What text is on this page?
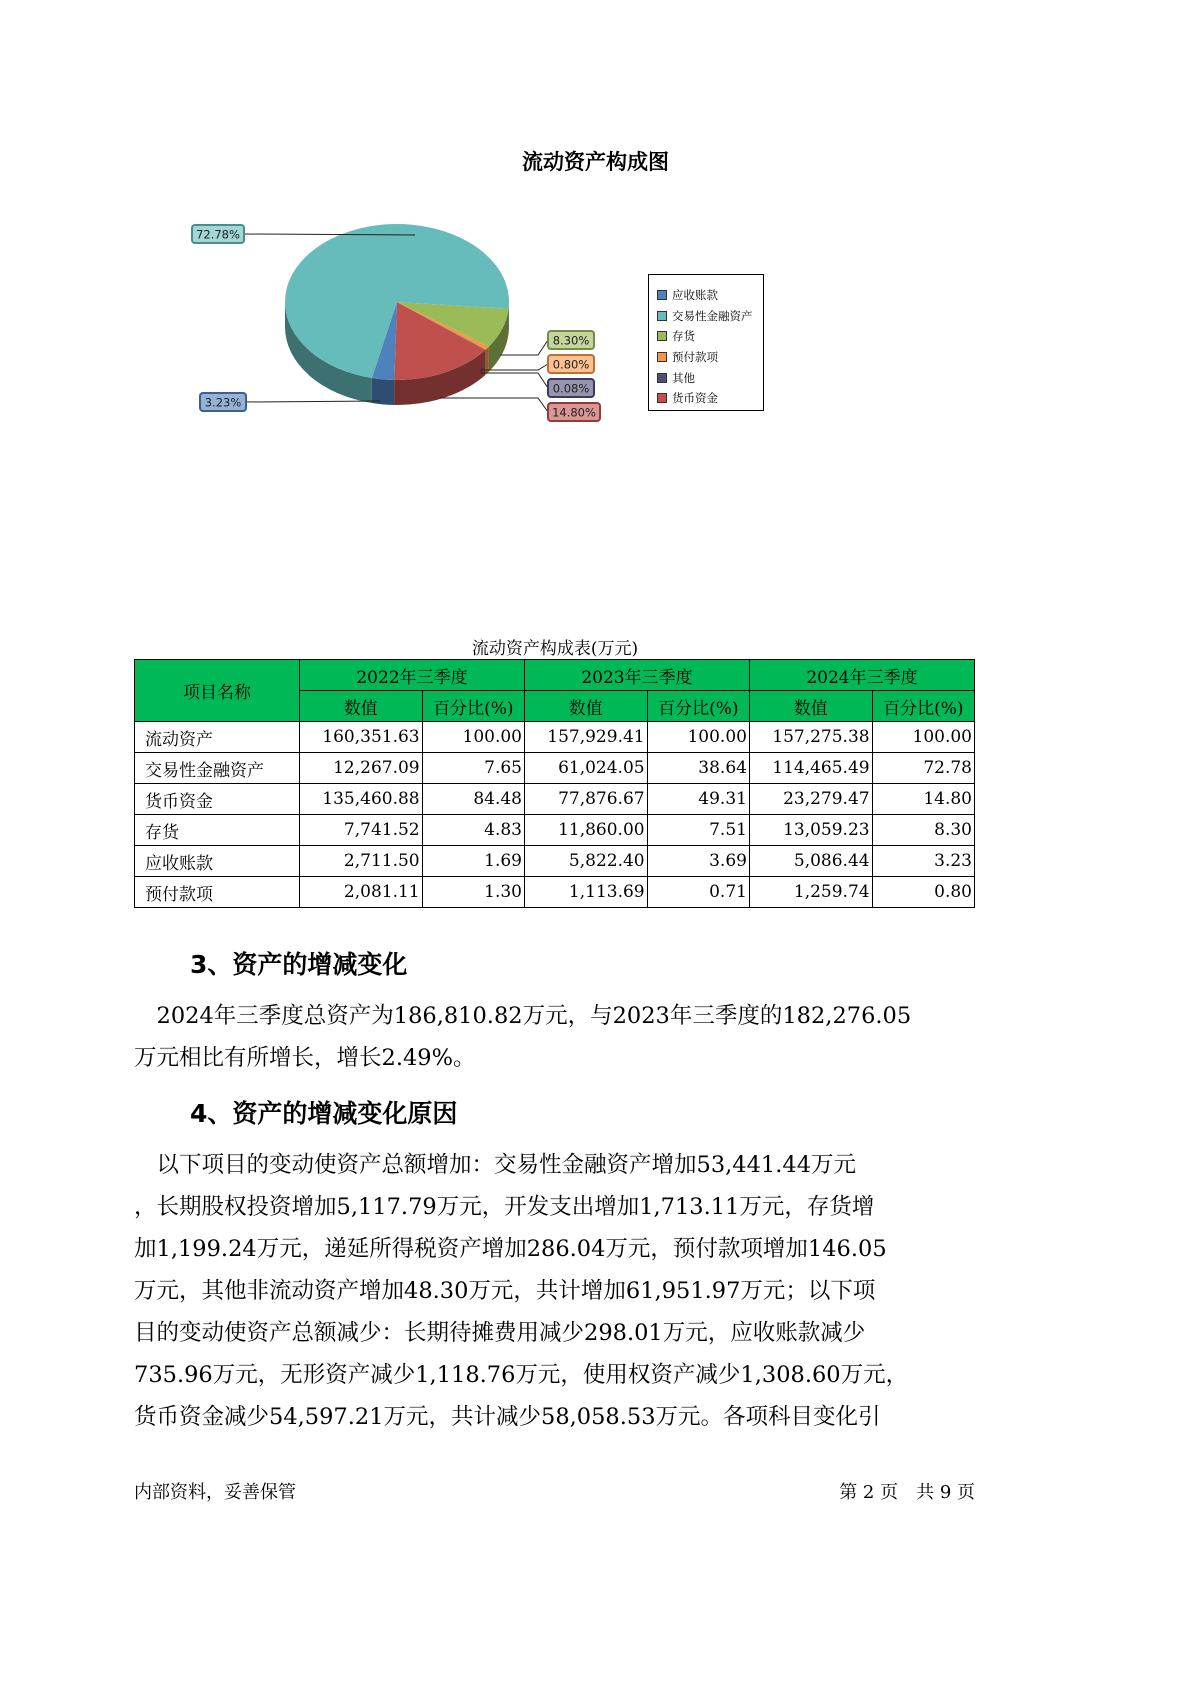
流动资产构成图
8.30%
0.80%
0.08%
14.80%
3.23%
72.78%
应收账款
交易性金融资产
存货
预付款项
其他
货币资金
流动资产构成表(万元)
项目名称	2022年三季度		2023年三季度		2024年三季度	
	数值	百分比(%)	数值	百分比(%)	数值	百分比(%)
流动资产	160,351.63	100.00	157,929.41	100.00	157,275.38	100.00
交易性金融资产	12,267.09	7.65	61,024.05	38.64	114,465.49	72.78
货币资金	135,460.88	84.48	77,876.67	49.31	23,279.47	14.80
存货	7,741.52	4.83	11,860.00	7.51	13,059.23	8.30
应收账款	2,711.50	1.69	5,822.40	3.69	5,086.44	3.23
预付款项	2,081.11	1.30	1,113.69	0.71	1,259.74	0.80
3、资产的增减变化
　2024年三季度总资产为186,810.82万元，与2023年三季度的182,276.05
万元相比有所增长，增长2.49%。
4、资产的增减变化原因
　以下项目的变动使资产总额增加：交易性金融资产增加53,441.44万元
，长期股权投资增加5,117.79万元，开发支出增加1,713.11万元，存货增
加1,199.24万元，递延所得税资产增加286.04万元，预付款项增加146.05
万元，其他非流动资产增加48.30万元，共计增加61,951.97万元；以下项
目的变动使资产总额减少：长期待摊费用减少298.01万元，应收账款减少
735.96万元，无形资产减少1,118.76万元，使用权资产减少1,308.60万元，
货币资金减少54,597.21万元，共计减少58,058.53万元。各项科目变化引
内部资料，妥善保管	第 2 页　共 9 页
